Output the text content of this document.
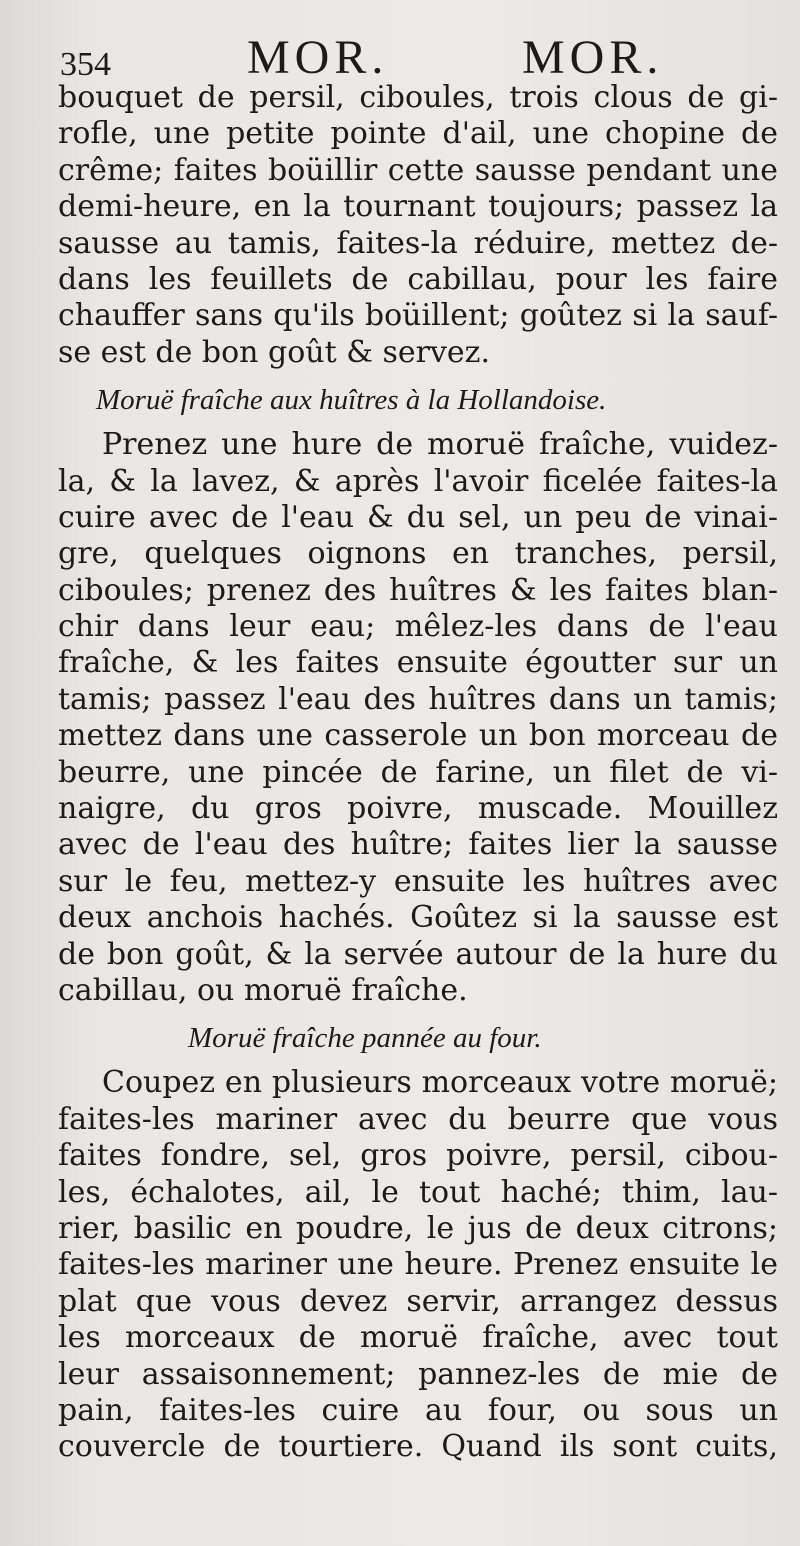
354	MOR.	MOR.
bouquet de persil, ciboules, trois clous de gi-
rofle, une petite pointe d'ail, une chopine de
crême; faites boüillir cette sausse pendant une
demi-heure, en la tournant toujours; passez la
sausse au tamis, faites-la réduire, mettez de-
dans les feuillets de cabillau, pour les faire
chauffer sans qu'ils boüillent; goûtez si la sauf-
se est de bon goût & servez.
Moruë fraîche aux huîtres à la Hollandoise.
Prenez une hure de moruë fraîche, vuidez-
la, & la lavez, & après l'avoir ficelée faites-la
cuire avec de l'eau & du sel, un peu de vinai-
gre, quelques oignons en tranches, persil,
ciboules; prenez des huîtres & les faites blan-
chir dans leur eau; mêlez-les dans de l'eau
fraîche, & les faites ensuite égoutter sur un
tamis; passez l'eau des huîtres dans un tamis;
mettez dans une casserole un bon morceau de
beurre, une pincée de farine, un filet de vi-
naigre, du gros poivre, muscade. Mouillez
avec de l'eau des huître; faites lier la sausse
sur le feu, mettez-y ensuite les huîtres avec
deux anchois hachés. Goûtez si la sausse est
de bon goût, & la servée autour de la hure du
cabillau, ou moruë fraîche.
Moruë fraîche pannée au four.
Coupez en plusieurs morceaux votre moruë;
faites-les mariner avec du beurre que vous
faites fondre, sel, gros poivre, persil, cibou-
les, échalotes, ail, le tout haché; thim, lau-
rier, basilic en poudre, le jus de deux citrons;
faites-les mariner une heure. Prenez ensuite le
plat que vous devez servir, arrangez dessus
les morceaux de moruë fraîche, avec tout
leur assaisonnement; pannez-les de mie de
pain, faites-les cuire au four, ou sous un
couvercle de tourtiere. Quand ils sont cuits,
